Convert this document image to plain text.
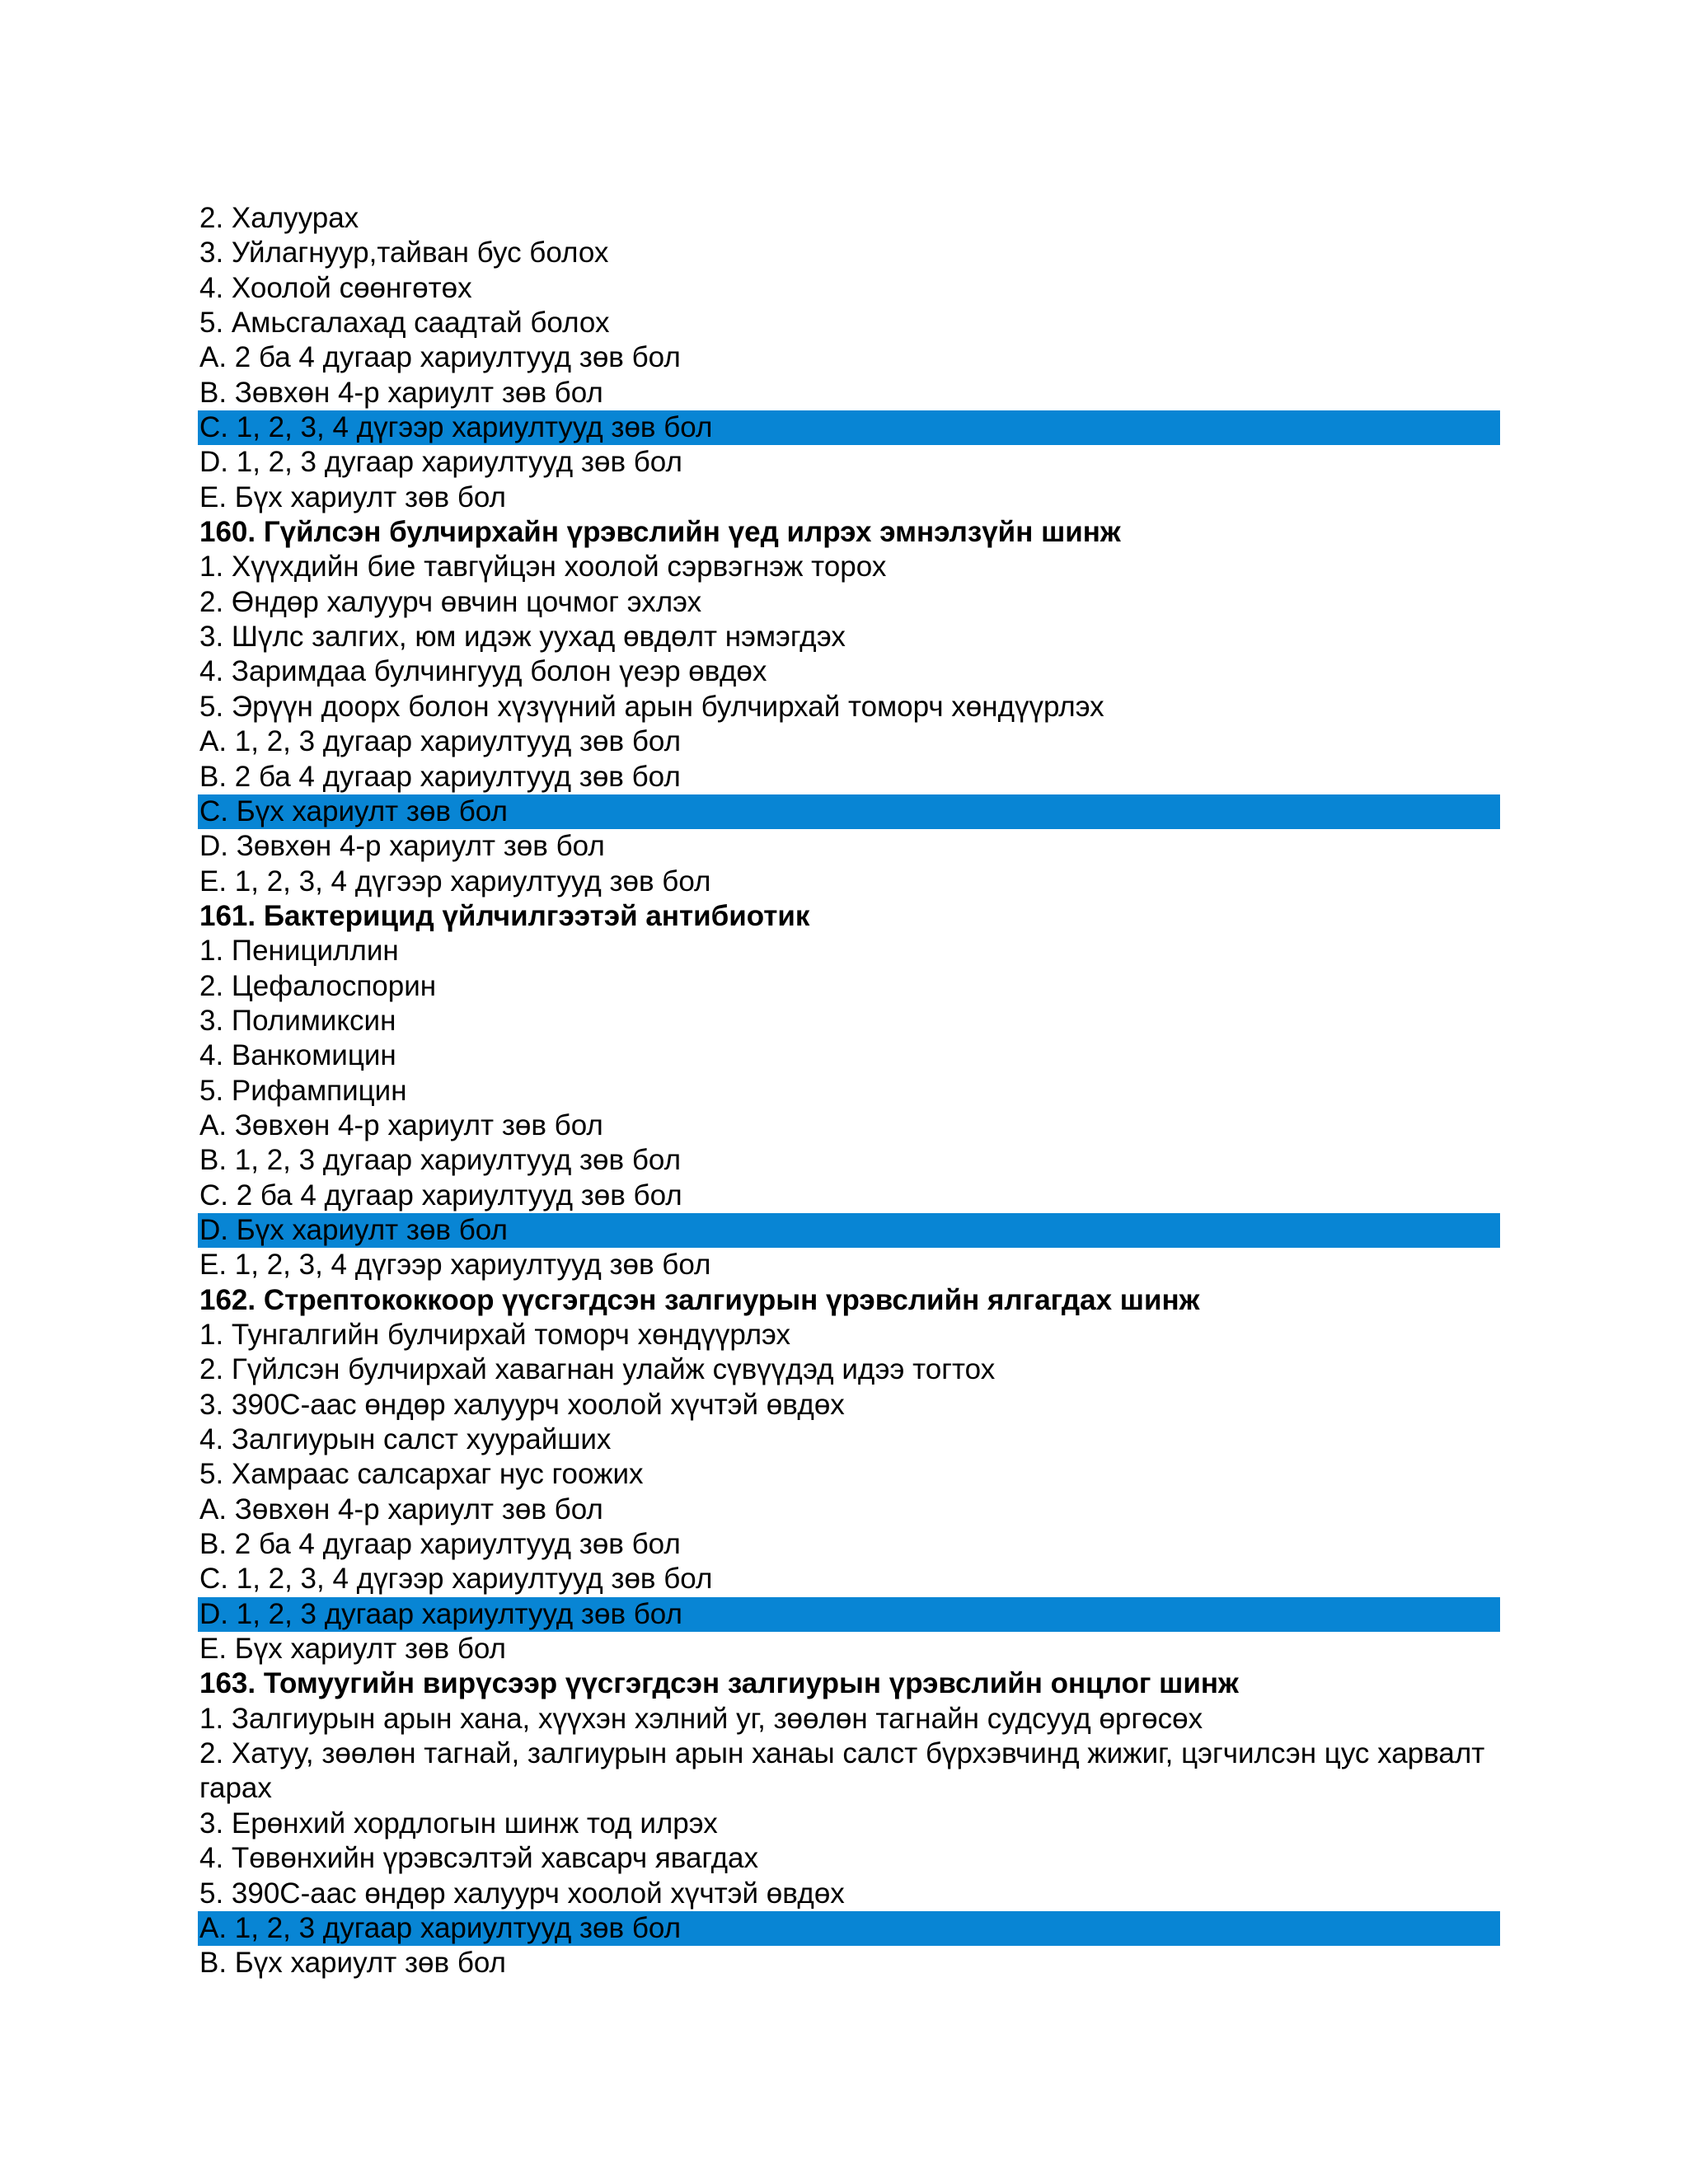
2. Халуурах
3. Уйлагнуур,тайван бус болох
4. Хоолой сөөнгөтөх
5. Амьсгалахад саадтай болох
A. 2 ба 4 дугаар хариултууд зөв бол
B. Зөвхөн 4-р хариулт зөв бол
C. 1, 2, 3, 4 дүгээр хариултууд зөв бол
D. 1, 2, 3 дугаар хариултууд зөв бол
E. Бүх хариулт зөв бол
160. Гүйлсэн булчирхайн үрэвслийн үед илрэх эмнэлзүйн шинж
1. Хүүхдийн бие тавгүйцэн хоолой сэрвэгнэж торох
2. Өндөр халуурч өвчин цочмог эхлэх
3. Шүлс залгих, юм идэж уухад өвдөлт нэмэгдэх
4. Заримдаа булчингууд болон үеэр өвдөх
5. Эрүүн доорх болон хүзүүний арын булчирхай томорч хөндүүрлэх
A. 1, 2, 3 дугаар хариултууд зөв бол
B. 2 ба 4 дугаар хариултууд зөв бол
C. Бүх хариулт зөв бол
D. Зөвхөн 4-р хариулт зөв бол
E. 1, 2, 3, 4 дүгээр хариултууд зөв бол
161. Бактерицид үйлчилгээтэй антибиотик
1. Пенициллин
2. Цефалоспорин
3. Полимиксин
4. Ванкомицин
5. Рифампицин
A. Зөвхөн 4-р хариулт зөв бол
B. 1, 2, 3 дугаар хариултууд зөв бол
C. 2 ба 4 дугаар хариултууд зөв бол
D. Бүх хариулт зөв бол
E. 1, 2, 3, 4 дүгээр хариултууд зөв бол
162. Стрептококкоор үүсгэгдсэн залгиурын үрэвслийн ялгагдах шинж
1. Тунгалгийн булчирхай томорч хөндүүрлэх
2. Гүйлсэн булчирхай хавагнан улайж сүвүүдэд идээ тогтох
3. 390С-аас өндөр халуурч хоолой хүчтэй өвдөх
4. Залгиурын салст хуурайших
5. Хамраас салсархаг нус гоожих
A. Зөвхөн 4-р хариулт зөв бол
B. 2 ба 4 дугаар хариултууд зөв бол
C. 1, 2, 3, 4 дүгээр хариултууд зөв бол
D. 1, 2, 3 дугаар хариултууд зөв бол
E. Бүх хариулт зөв бол
163. Томуугийн вирүсээр үүсгэгдсэн залгиурын үрэвслийн онцлог шинж
1. Залгиурын арын хана, хүүхэн хэлний уг, зөөлөн тагнайн судсууд өргөсөх
2. Хатуу, зөөлөн тагнай, залгиурын арын ханаы салст бүрхэвчинд жижиг, цэгчилсэн цус харвалт гарах
3. Ерөнхий хордлогын шинж тод илрэх
4. Төвөнхийн үрэвсэлтэй хавсарч явагдах
5. 390С-аас өндөр халуурч хоолой хүчтэй өвдөх
A. 1, 2, 3 дугаар хариултууд зөв бол
B. Бүх хариулт зөв бол
